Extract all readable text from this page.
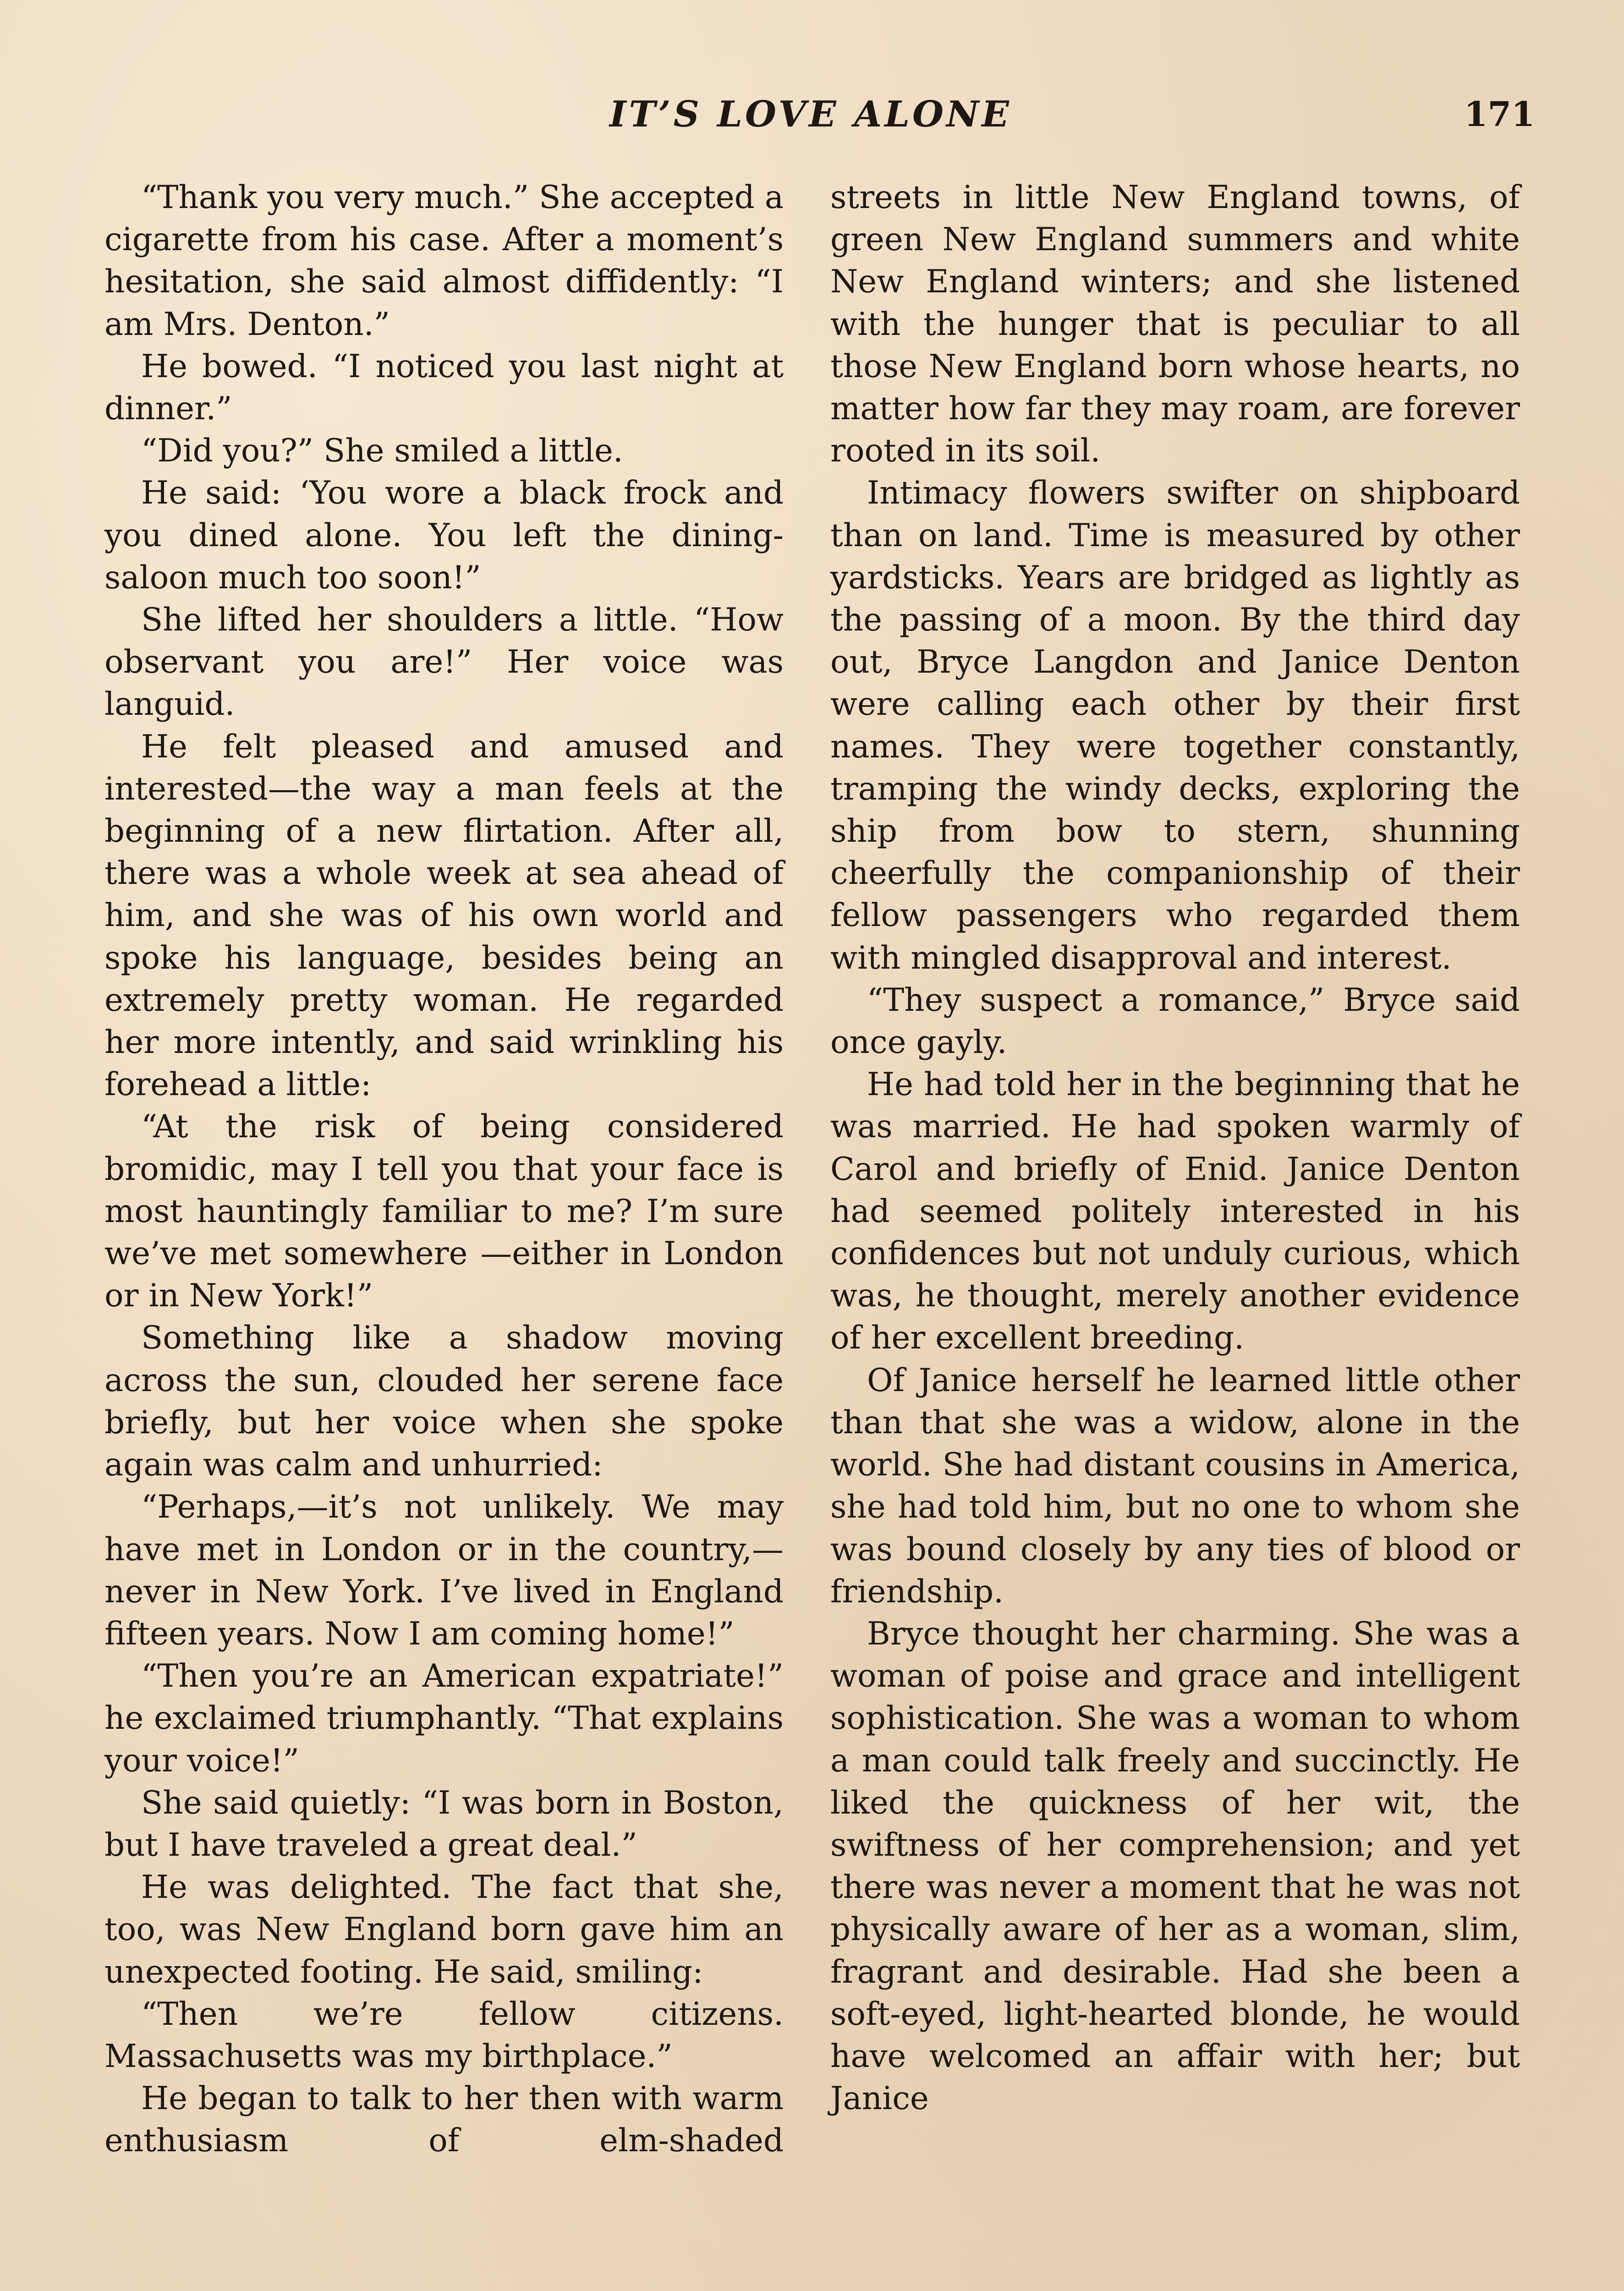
IT’S LOVE ALONE	171

“Thank you very much.” She accepted a cigarette from his case. After a moment’s hesitation, she said almost diffidently: “I am Mrs. Denton.”

He bowed. “I noticed you last night at dinner.”

“Did you?” She smiled a little.

He said: ‘You wore a black frock and you dined alone. You left the dining-saloon much too soon!”

She lifted her shoulders a little. “How observant you are!” Her voice was languid.

He felt pleased and amused and interested—the way a man feels at the beginning of a new flirtation. After all, there was a whole week at sea ahead of him, and she was of his own world and spoke his language, besides being an extremely pretty woman. He regarded her more intently, and said wrinkling his forehead a little:

“At the risk of being considered bromidic, may I tell you that your face is most hauntingly familiar to me? I’m sure we’ve met somewhere —either in London or in New York!”

Something like a shadow moving across the sun, clouded her serene face briefly, but her voice when she spoke again was calm and unhurried:

“Perhaps,—it’s not unlikely. We may have met in London or in the country,—never in New York. I’ve lived in England fifteen years. Now I am coming home!”

“Then you’re an American expatriate!” he exclaimed triumphantly. “That explains your voice!”

She said quietly: “I was born in Boston, but I have traveled a great deal.”

He was delighted. The fact that she, too, was New England born gave him an unexpected footing. He said, smiling:

“Then we’re fellow citizens. Massachusetts was my birthplace.”

He began to talk to her then with warm enthusiasm of elm-shaded

streets in little New England towns, of green New England summers and white New England winters; and she listened with the hunger that is peculiar to all those New England born whose hearts, no matter how far they may roam, are forever rooted in its soil.

Intimacy flowers swifter on shipboard than on land. Time is measured by other yardsticks. Years are bridged as lightly as the passing of a moon. By the third day out, Bryce Langdon and Janice Denton were calling each other by their first names. They were together constantly, tramping the windy decks, exploring the ship from bow to stern, shunning cheerfully the companionship of their fellow passengers who regarded them with mingled disapproval and interest.

“They suspect a romance,” Bryce said once gayly.

He had told her in the beginning that he was married. He had spoken warmly of Carol and briefly of Enid. Janice Denton had seemed politely interested in his confidences but not unduly curious, which was, he thought, merely another evidence of her excellent breeding.

Of Janice herself he learned little other than that she was a widow, alone in the world. She had distant cousins in America, she had told him, but no one to whom she was bound closely by any ties of blood or friendship.

Bryce thought her charming. She was a woman of poise and grace and intelligent sophistication. She was a woman to whom a man could talk freely and succinctly. He liked the quickness of her wit, the swiftness of her comprehension; and yet there was never a moment that he was not physically aware of her as a woman, slim, fragrant and desirable. Had she been a soft-eyed, light-hearted blonde, he would have welcomed an affair with her; but Janice
